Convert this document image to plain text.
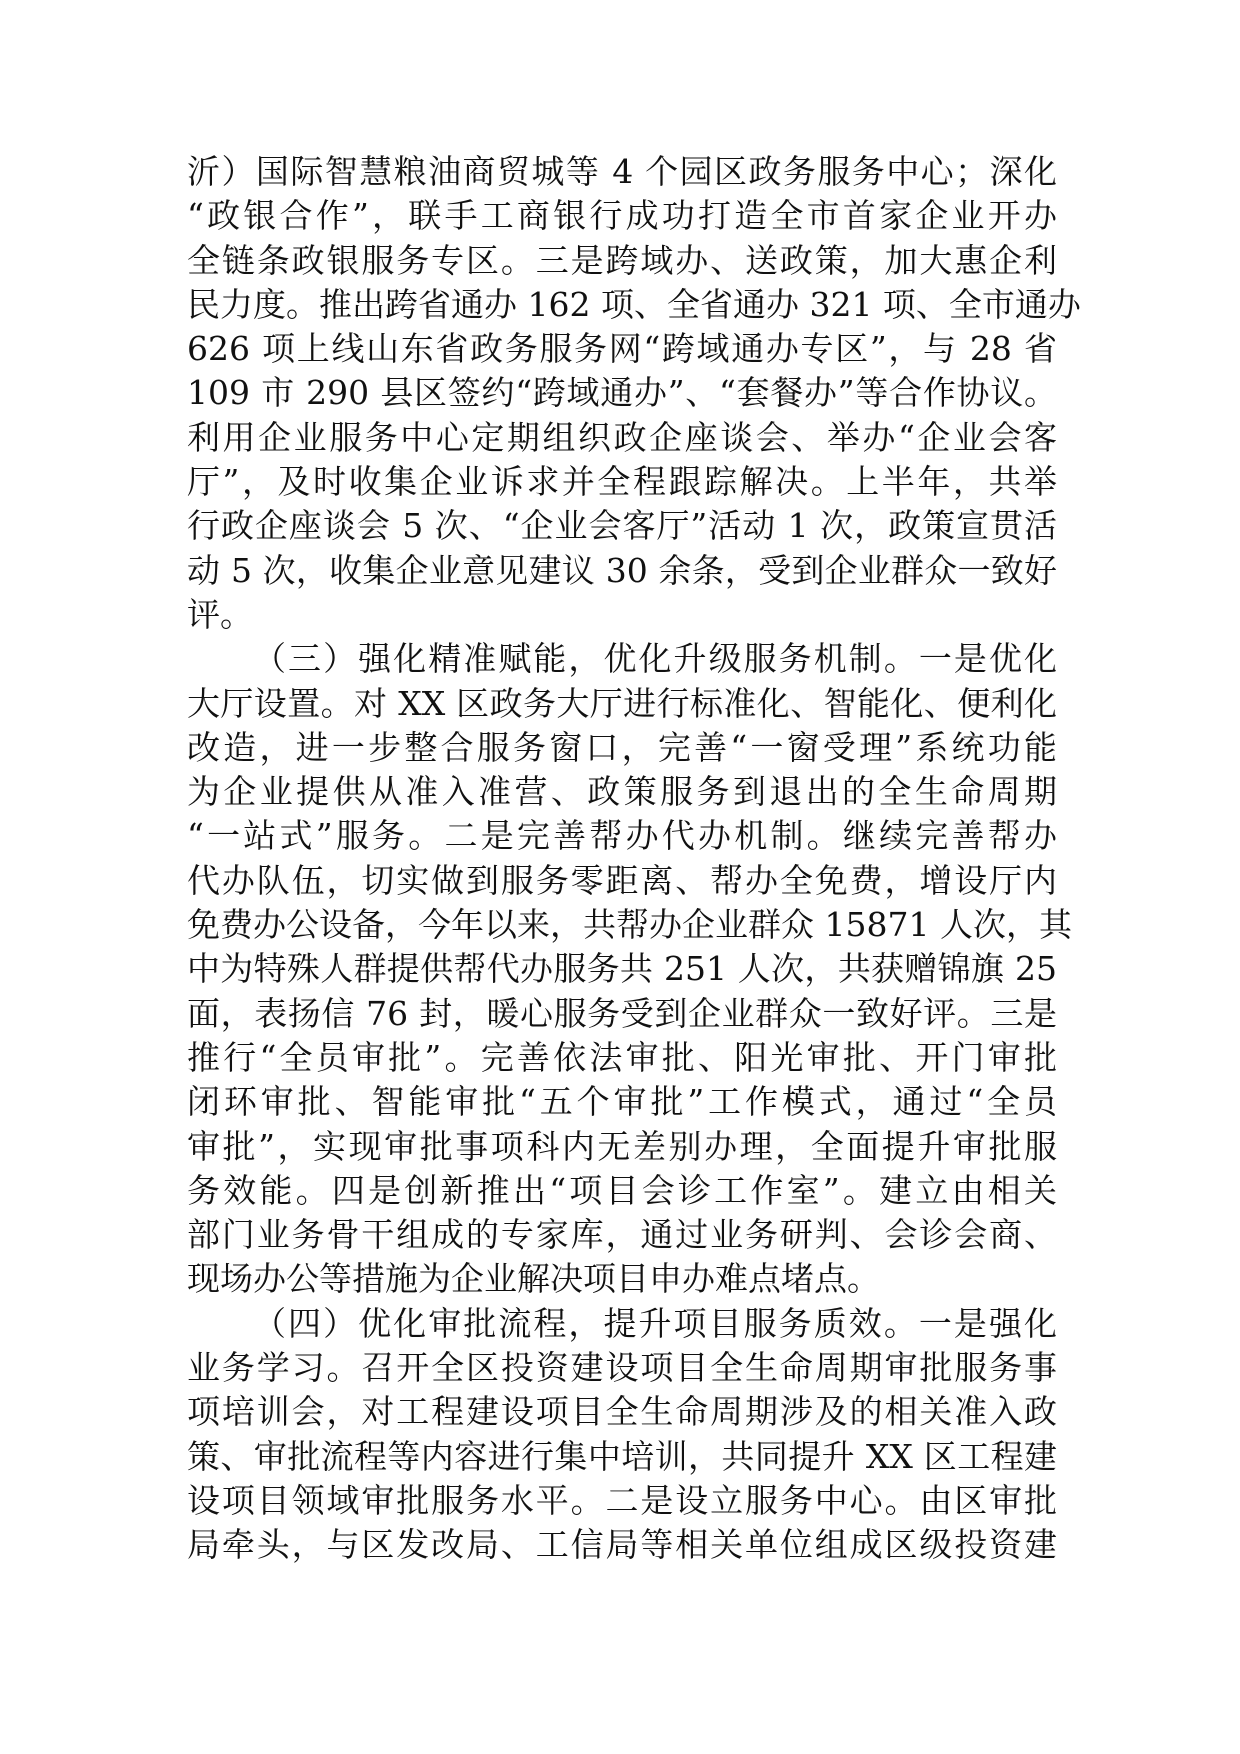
沂）国际智慧粮油商贸城等 4 个园区政务服务中心；深化
“政银合作”，联手工商银行成功打造全市首家企业开办
全链条政银服务专区。三是跨域办、送政策，加大惠企利
民力度。推出跨省通办 162 项、全省通办 321 项、全市通办
626 项上线山东省政务服务网“跨域通办专区”，与 28 省
109 市 290 县区签约“跨域通办”、“套餐办”等合作协议。
利用企业服务中心定期组织政企座谈会、举办“企业会客
厅”，及时收集企业诉求并全程跟踪解决。上半年，共举
行政企座谈会 5 次、“企业会客厅”活动 1 次，政策宣贯活
动 5 次，收集企业意见建议 30 余条，受到企业群众一致好
评。
（三）强化精准赋能，优化升级服务机制。一是优化
大厅设置。对 XX 区政务大厅进行标准化、智能化、便利化
改造，进一步整合服务窗口，完善“一窗受理”系统功能
为企业提供从准入准营、政策服务到退出的全生命周期
“一站式”服务。二是完善帮办代办机制。继续完善帮办
代办队伍，切实做到服务零距离、帮办全免费，增设厅内
免费办公设备，今年以来，共帮办企业群众 15871 人次，其
中为特殊人群提供帮代办服务共 251 人次，共获赠锦旗 25
面，表扬信 76 封，暖心服务受到企业群众一致好评。三是
推行“全员审批”。完善依法审批、阳光审批、开门审批
闭环审批、智能审批“五个审批”工作模式，通过“全员
审批”，实现审批事项科内无差别办理，全面提升审批服
务效能。四是创新推出“项目会诊工作室”。建立由相关
部门业务骨干组成的专家库，通过业务研判、会诊会商、
现场办公等措施为企业解决项目申办难点堵点。
（四）优化审批流程，提升项目服务质效。一是强化
业务学习。召开全区投资建设项目全生命周期审批服务事
项培训会，对工程建设项目全生命周期涉及的相关准入政
策、审批流程等内容进行集中培训，共同提升 XX 区工程建
设项目领域审批服务水平。二是设立服务中心。由区审批
局牵头，与区发改局、工信局等相关单位组成区级投资建
